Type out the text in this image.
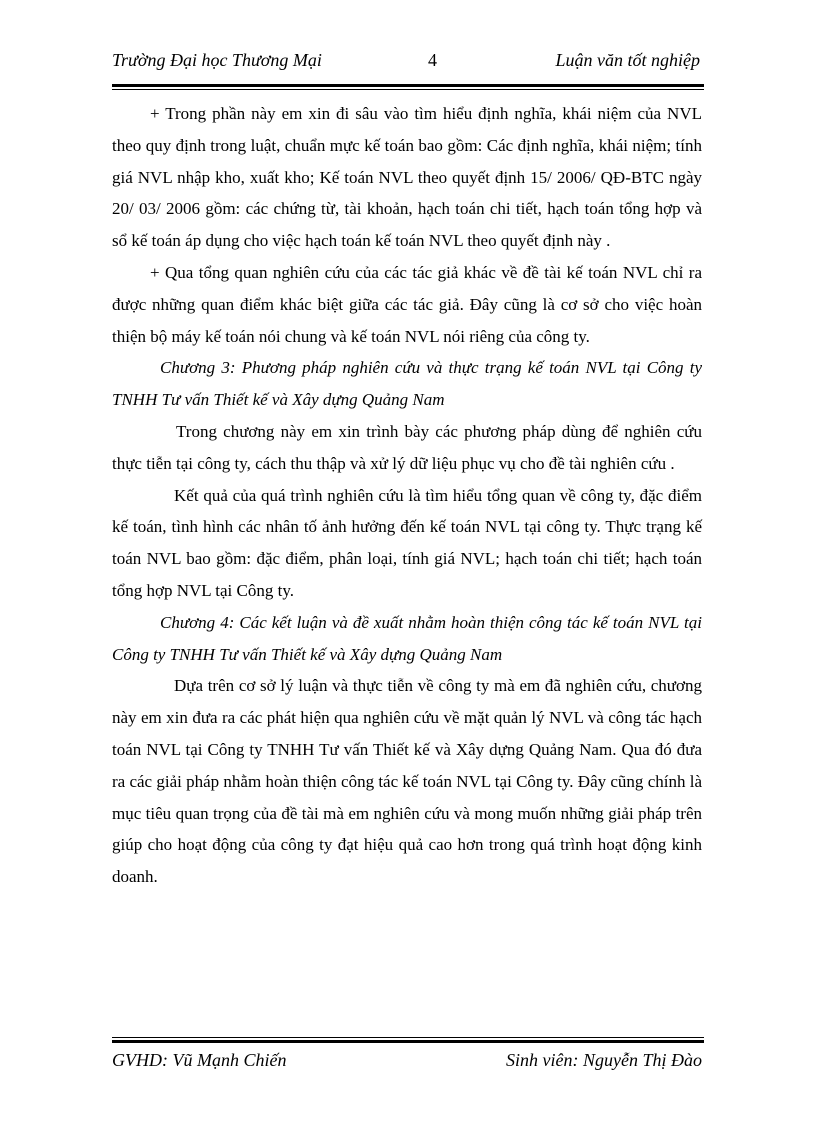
Trường Đại học Thương Mại	4	Luận văn tốt nghiệp

+ Trong phần này em xin đi sâu vào tìm hiểu định nghĩa, khái niệm của NVL theo quy định trong luật, chuẩn mực kế toán bao gồm: Các định nghĩa, khái niệm; tính giá NVL nhập kho, xuất kho; Kế toán NVL theo quyết định 15/ 2006/ QĐ-BTC ngày 20/ 03/ 2006 gồm: các chứng từ, tài khoản, hạch toán chi tiết, hạch toán tổng hợp và sổ kế toán áp dụng cho việc hạch toán kế toán NVL theo quyết định này .

+ Qua tổng quan nghiên cứu của các tác giả khác về đề tài kế toán NVL chỉ ra được những quan điểm khác biệt giữa các tác giả. Đây cũng là cơ sở cho việc hoàn thiện bộ máy kế toán nói chung và kế toán NVL nói riêng của công ty.

Chương 3: Phương pháp nghiên cứu và thực trạng kế toán NVL tại Công ty TNHH Tư vấn Thiết kế và Xây dựng Quảng Nam

Trong chương này em xin trình bày các phương pháp dùng để nghiên cứu thực tiễn tại công ty, cách thu thập và xử lý dữ liệu phục vụ cho đề tài nghiên cứu .

Kết quả của quá trình nghiên cứu là tìm hiểu tổng quan về công ty, đặc điểm kế toán, tình hình các nhân tố ảnh hưởng đến kế toán NVL tại công ty. Thực trạng kế toán NVL bao gồm: đặc điểm, phân loại, tính giá NVL; hạch toán chi tiết; hạch toán tổng hợp NVL tại Công ty.

Chương 4: Các kết luận và đề xuất nhằm hoàn thiện công tác kế toán NVL tại Công ty TNHH Tư vấn Thiết kế và Xây dựng Quảng Nam

Dựa trên cơ sở lý luận và thực tiễn về công ty mà em đã nghiên cứu, chương này em xin đưa ra các phát hiện qua nghiên cứu về mặt quản lý NVL và công tác hạch toán NVL tại Công ty TNHH Tư vấn Thiết kế và Xây dựng Quảng Nam. Qua đó đưa ra các giải pháp nhằm hoàn thiện công tác kế toán NVL tại Công ty. Đây cũng chính là mục tiêu quan trọng của đề tài mà em nghiên cứu và mong muốn những giải pháp trên giúp cho hoạt động của công ty đạt hiệu quả cao hơn trong quá trình hoạt động kinh doanh.

GVHD: Vũ Mạnh Chiến	Sinh viên: Nguyễn Thị Đào
